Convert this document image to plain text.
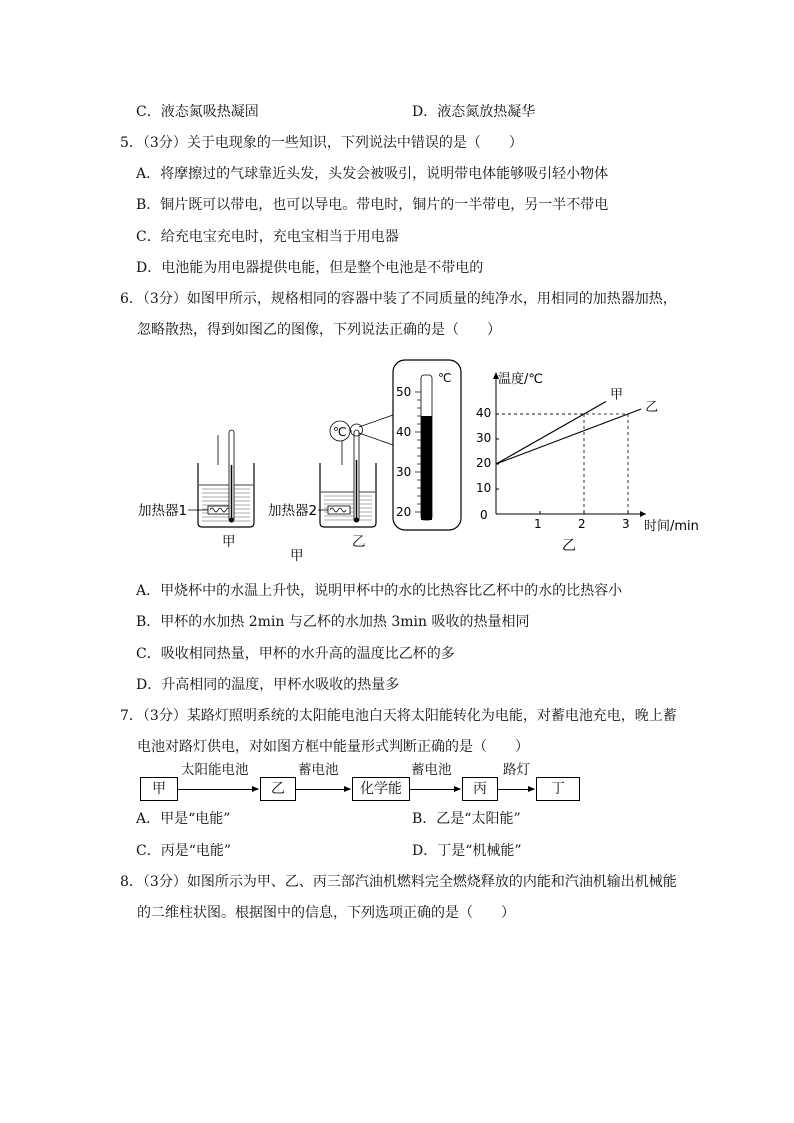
C．液态氮吸热凝固	D．液态氮放热凝华
5．（3分）关于电现象的一些知识，下列说法中错误的是（　　）
A．将摩擦过的气球靠近头发，头发会被吸引，说明带电体能够吸引轻小物体
B．铜片既可以带电，也可以导电。带电时，铜片的一半带电，另一半不带电
C．给充电宝充电时，充电宝相当于用电器
D．电池能为用电器提供电能，但是整个电池是不带电的
6．（3分）如图甲所示，规格相同的容器中装了不同质量的纯净水，用相同的加热器加热，
忽略散热，得到如图乙的图像，下列说法正确的是（　　）
加热器1
甲
℃
加热器2
乙
甲
50
40
30
20
℃	温度/℃
时间/min
乙
0
1	2	3
10
20
30
40
甲
乙
A．甲烧杯中的水温上升快，说明甲杯中的水的比热容比乙杯中的水的比热容小
B．甲杯的水加热 2min 与乙杯的水加热 3min 吸收的热量相同
C．吸收相同热量，甲杯的水升高的温度比乙杯的多
D．升高相同的温度，甲杯水吸收的热量多
7．（3分）某路灯照明系统的太阳能电池白天将太阳能转化为电能，对蓄电池充电，晚上蓄
电池对路灯供电，对如图方框中能量形式判断正确的是（　　）
甲
太阳能电池
乙
蓄电池
化学能
蓄电池
丙
路灯
丁
A．甲是“电能”	B．乙是“太阳能”
C．丙是“电能”	D．丁是“机械能”
8．（3分）如图所示为甲、乙、丙三部汽油机燃料完全燃烧释放的内能和汽油机输出机械能
的二维柱状图。根据图中的信息，下列选项正确的是（　　）
